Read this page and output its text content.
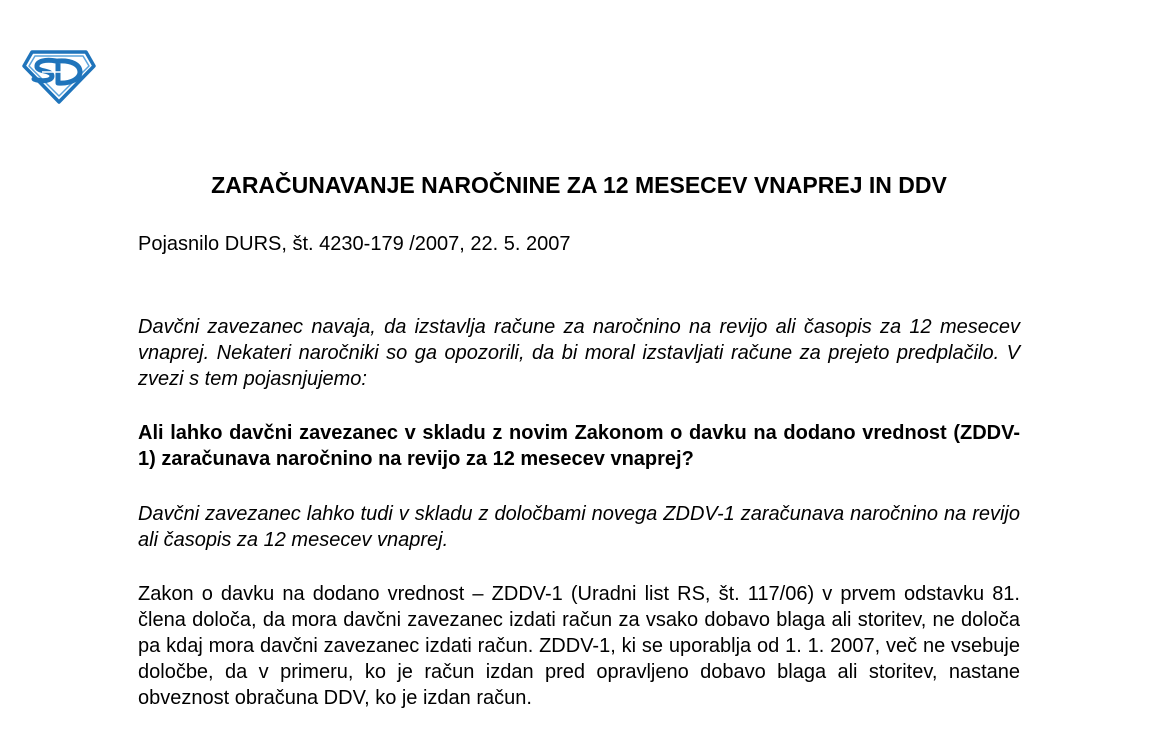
ZARAČUNAVANJE NAROČNINE ZA 12 MESECEV VNAPREJ IN DDV

Pojasnilo DURS, št. 4230-179 /2007, 22. 5. 2007

Davčni zavezanec navaja, da izstavlja račune za naročnino na revijo ali časopis za 12 mesecev vnaprej. Nekateri naročniki so ga opozorili, da bi moral izstavljati račune za prejeto predplačilo. V zvezi s tem pojasnjujemo:

Ali lahko davčni zavezanec v skladu z novim Zakonom o davku na dodano vrednost (ZDDV-1) zaračunava naročnino na revijo za 12 mesecev vnaprej?

Davčni zavezanec lahko tudi v skladu z določbami novega ZDDV-1 zaračunava naročnino na revijo ali časopis za 12 mesecev vnaprej.

Zakon o davku na dodano vrednost – ZDDV-1 (Uradni list RS, št. 117/06) v prvem odstavku 81. člena določa, da mora davčni zavezanec izdati račun za vsako dobavo blaga ali storitev, ne določa pa kdaj mora davčni zavezanec izdati račun. ZDDV-1, ki se uporablja od 1. 1. 2007, več ne vsebuje določbe, da v primeru, ko je račun izdan pred opravljeno dobavo blaga ali storitev, nastane obveznost obračuna DDV, ko je izdan račun.
